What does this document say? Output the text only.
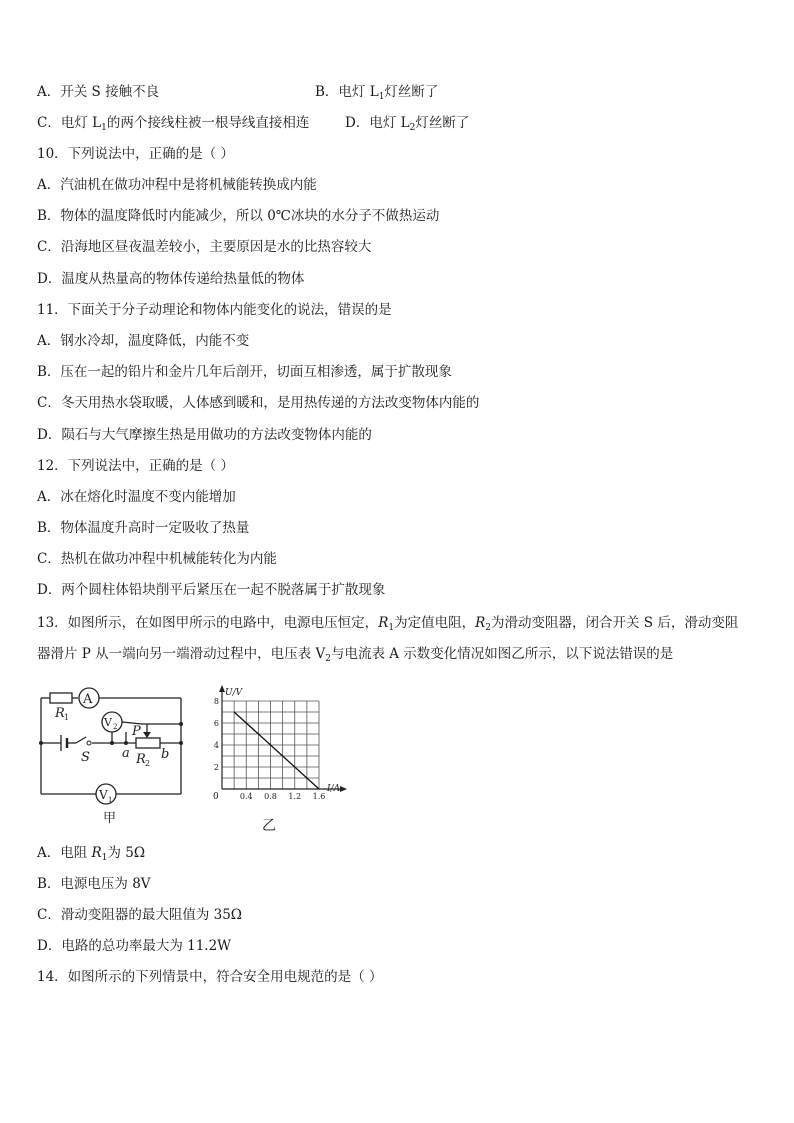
A．开关 S 接触不良	B．电灯 $L_1$灯丝断了
C．电灯 $L_1$的两个接线柱被一根导线直接相连	D．电灯 $L_2$灯丝断了
10．下列说法中，正确的是（ ）
A．汽油机在做功冲程中是将机械能转换成内能
B．物体的温度降低时内能减少，所以 0℃冰块的水分子不做热运动
C．沿海地区昼夜温差较小，主要原因是水的比热容较大
D．温度从热量高的物体传递给热量低的物体
11．下面关于分子动理论和物体内能变化的说法，错误的是
A．钢水冷却，温度降低，内能不变
B．压在一起的铅片和金片几年后剖开，切面互相渗透，属于扩散现象
C．冬天用热水袋取暖，人体感到暖和，是用热传递的方法改变物体内能的
D．陨石与大气摩擦生热是用做功的方法改变物体内能的
12．下列说法中，正确的是（ ）
A．冰在熔化时温度不变内能增加
B．物体温度升高时一定吸收了热量
C．热机在做功冲程中机械能转化为内能
D．两个圆柱体铅块削平后紧压在一起不脱落属于扩散现象
13．如图所示，在如图甲所示的电路中，电源电压恒定，$R_1$为定值电阻，$R_2$为滑动变阻器，闭合开关 S 后，滑动变阻
器滑片 P 从一端向另一端滑动过程中，电压表 $V_2$与电流表 A 示数变化情况如图乙所示，以下说法错误的是
A
R 1	V 2 P
S a R 2
b
V 1
甲
0.4 0.8 1.2 1.6
2
4
6
8
U/V
I/A
0
乙
A．电阻 $R_1$为 5Ω
B．电源电压为 8V
C．滑动变阻器的最大阻值为 35Ω
D．电路的总功率最大为 11.2W
14．如图所示的下列情景中，符合安全用电规范的是（ ）
